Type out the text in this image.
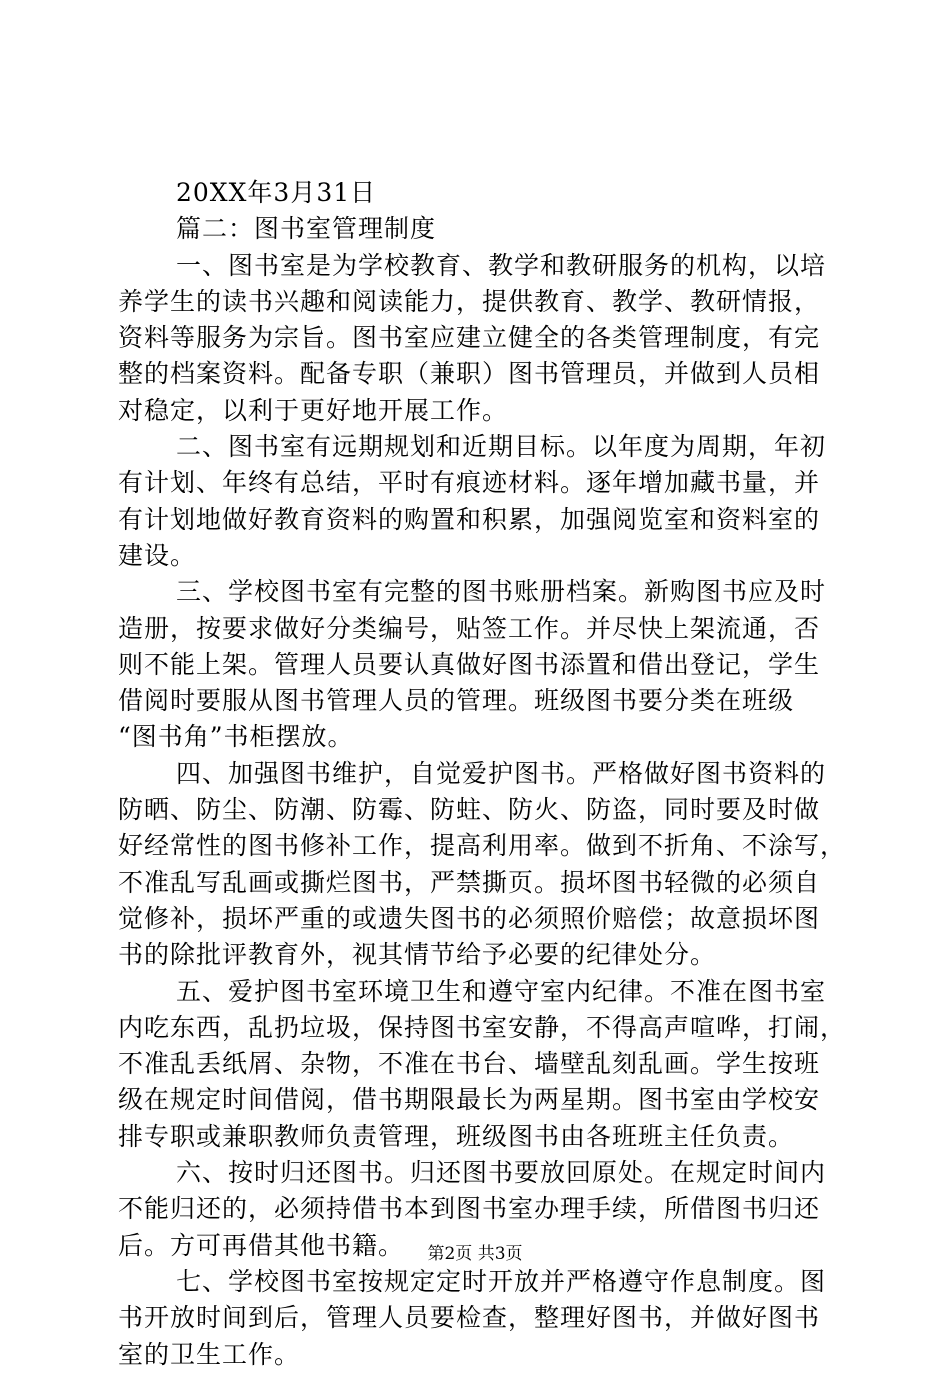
20XX年3月31日
篇二：图书室管理制度
一、图书室是为学校教育、教学和教研服务的机构，以培
养学生的读书兴趣和阅读能力，提供教育、教学、教研情报，
资料等服务为宗旨。图书室应建立健全的各类管理制度，有完
整的档案资料。配备专职（兼职）图书管理员，并做到人员相
对稳定，以利于更好地开展工作。
二、图书室有远期规划和近期目标。以年度为周期，年初
有计划、年终有总结，平时有痕迹材料。逐年增加藏书量，并
有计划地做好教育资料的购置和积累，加强阅览室和资料室的
建设。
三、学校图书室有完整的图书账册档案。新购图书应及时
造册，按要求做好分类编号，贴签工作。并尽快上架流通，否
则不能上架。管理人员要认真做好图书添置和借出登记，学生
借阅时要服从图书管理人员的管理。班级图书要分类在班级
“图书角”书柜摆放。
四、加强图书维护，自觉爱护图书。严格做好图书资料的
防晒、防尘、防潮、防霉、防蛀、防火、防盗，同时要及时做
好经常性的图书修补工作，提高利用率。做到不折角、不涂写，
不准乱写乱画或撕烂图书，严禁撕页。损坏图书轻微的必须自
觉修补，损坏严重的或遗失图书的必须照价赔偿；故意损坏图
书的除批评教育外，视其情节给予必要的纪律处分。
五、爱护图书室环境卫生和遵守室内纪律。不准在图书室
内吃东西，乱扔垃圾，保持图书室安静，不得高声喧哗，打闹，
不准乱丢纸屑、杂物，不准在书台、墙壁乱刻乱画。学生按班
级在规定时间借阅，借书期限最长为两星期。图书室由学校安
排专职或兼职教师负责管理，班级图书由各班班主任负责。
六、按时归还图书。归还图书要放回原处。在规定时间内
不能归还的，必须持借书本到图书室办理手续，所借图书归还
后。方可再借其他书籍。
七、学校图书室按规定定时开放并严格遵守作息制度。图
书开放时间到后，管理人员要检查，整理好图书，并做好图书
室的卫生工作。
第2页 共3页
